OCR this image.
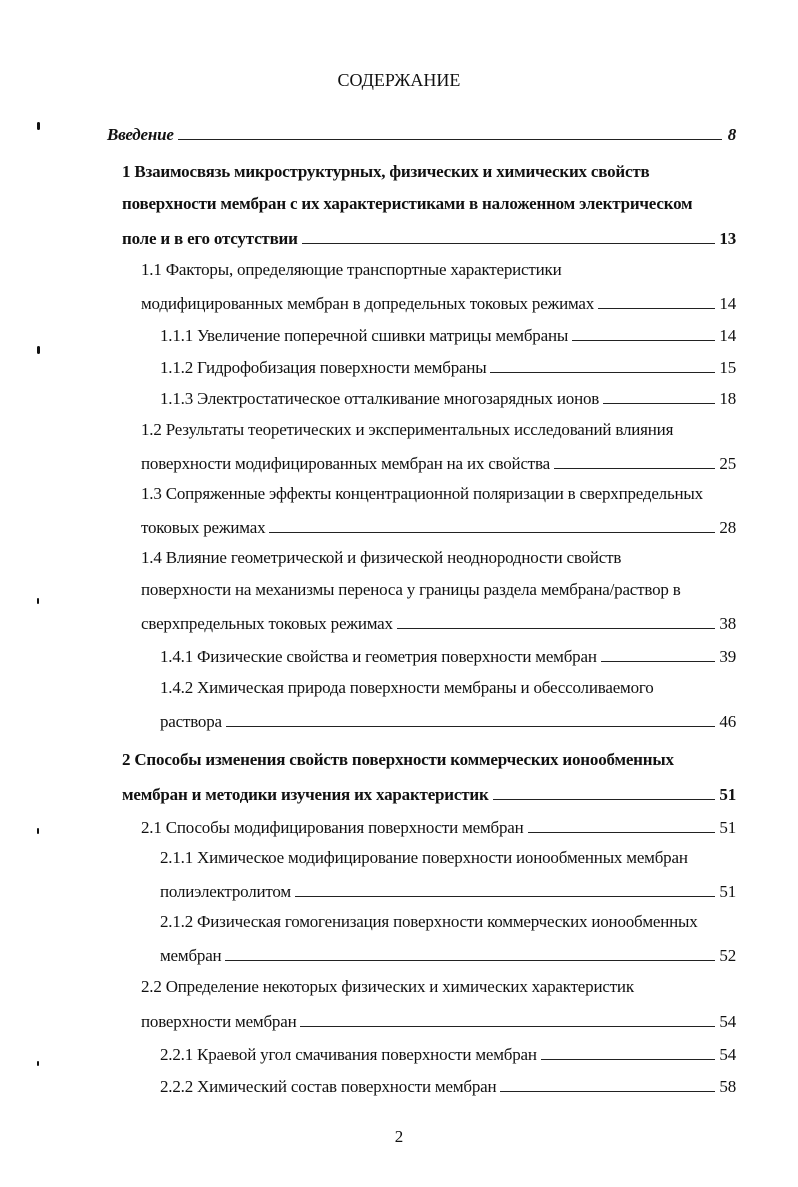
СОДЕРЖАНИЕ
Введение	8
1 Взаимосвязь микроструктурных, физических и химических свойств
поверхности мембран с их характеристиками в наложенном электрическом
поле и в его отсутствии	13
1.1 Факторы, определяющие транспортные характеристики
модифицированных мембран в допредельных токовых режимах	14
1.1.1 Увеличение поперечной сшивки матрицы мембраны	14
1.1.2 Гидрофобизация поверхности мембраны	15
1.1.3 Электростатическое отталкивание многозарядных ионов	18
1.2 Результаты теоретических и экспериментальных исследований влияния
поверхности модифицированных мембран на их свойства	25
1.3 Сопряженные эффекты концентрационной поляризации в сверхпредельных
токовых режимах	28
1.4 Влияние геометрической и физической неоднородности свойств
поверхности на механизмы переноса у границы раздела мембрана/раствор в
сверхпредельных токовых режимах	38
1.4.1 Физические свойства и геометрия поверхности мембран	39
1.4.2 Химическая природа поверхности мембраны и обессоливаемого
раствора	46
2 Способы изменения свойств поверхности коммерческих ионообменных
мембран и методики изучения их характеристик	51
2.1 Способы модифицирования поверхности мембран	51
2.1.1 Химическое модифицирование поверхности ионообменных мембран
полиэлектролитом	51
2.1.2 Физическая гомогенизация поверхности коммерческих ионообменных
мембран	52
2.2 Определение некоторых физических и химических характеристик
поверхности мембран	54
2.2.1 Краевой угол смачивания поверхности мембран	54
2.2.2 Химический состав поверхности мембран	58
2
